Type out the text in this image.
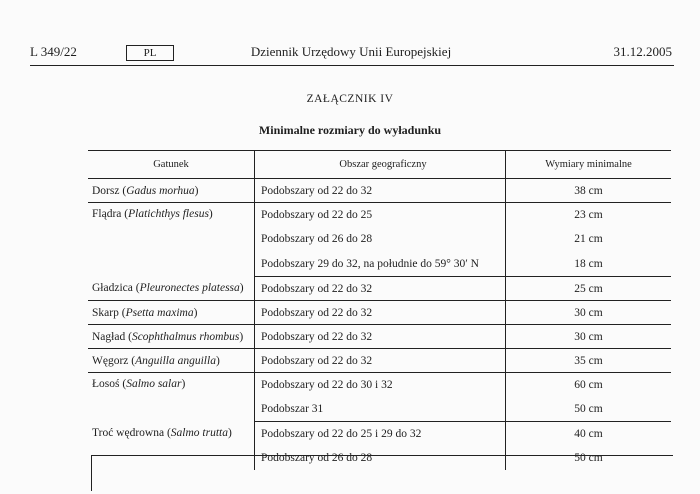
L 349/22	PL	Dziennik Urzędowy Unii Europejskiej	31.12.2005
ZAŁĄCZNIK IV
Minimalne rozmiary do wyładunku
Gatunek	Obszar geograficzny	Wymiary minimalne
Dorsz (Gadus morhua)	Podobszary od 22 do 32	38 cm
Flądra (Platichthys flesus)	Podobszary od 22 do 25	23 cm
	Podobszary od 26 do 28	21 cm
	Podobszary 29 do 32, na południe do 59° 30′ N	18 cm
Gładzica (Pleuronectes platessa)	Podobszary od 22 do 32	25 cm
Skarp (Psetta maxima)	Podobszary od 22 do 32	30 cm
Nagład (Scophthalmus rhombus)	Podobszary od 22 do 32	30 cm
Węgorz (Anguilla anguilla)	Podobszary od 22 do 32	35 cm
Łosoś (Salmo salar)	Podobszary od 22 do 30 i 32	60 cm
	Podobszar 31	50 cm
Troć wędrowna (Salmo trutta)	Podobszary od 22 do 25 i 29 do 32	40 cm
	Podobszary od 26 do 28	50 cm
